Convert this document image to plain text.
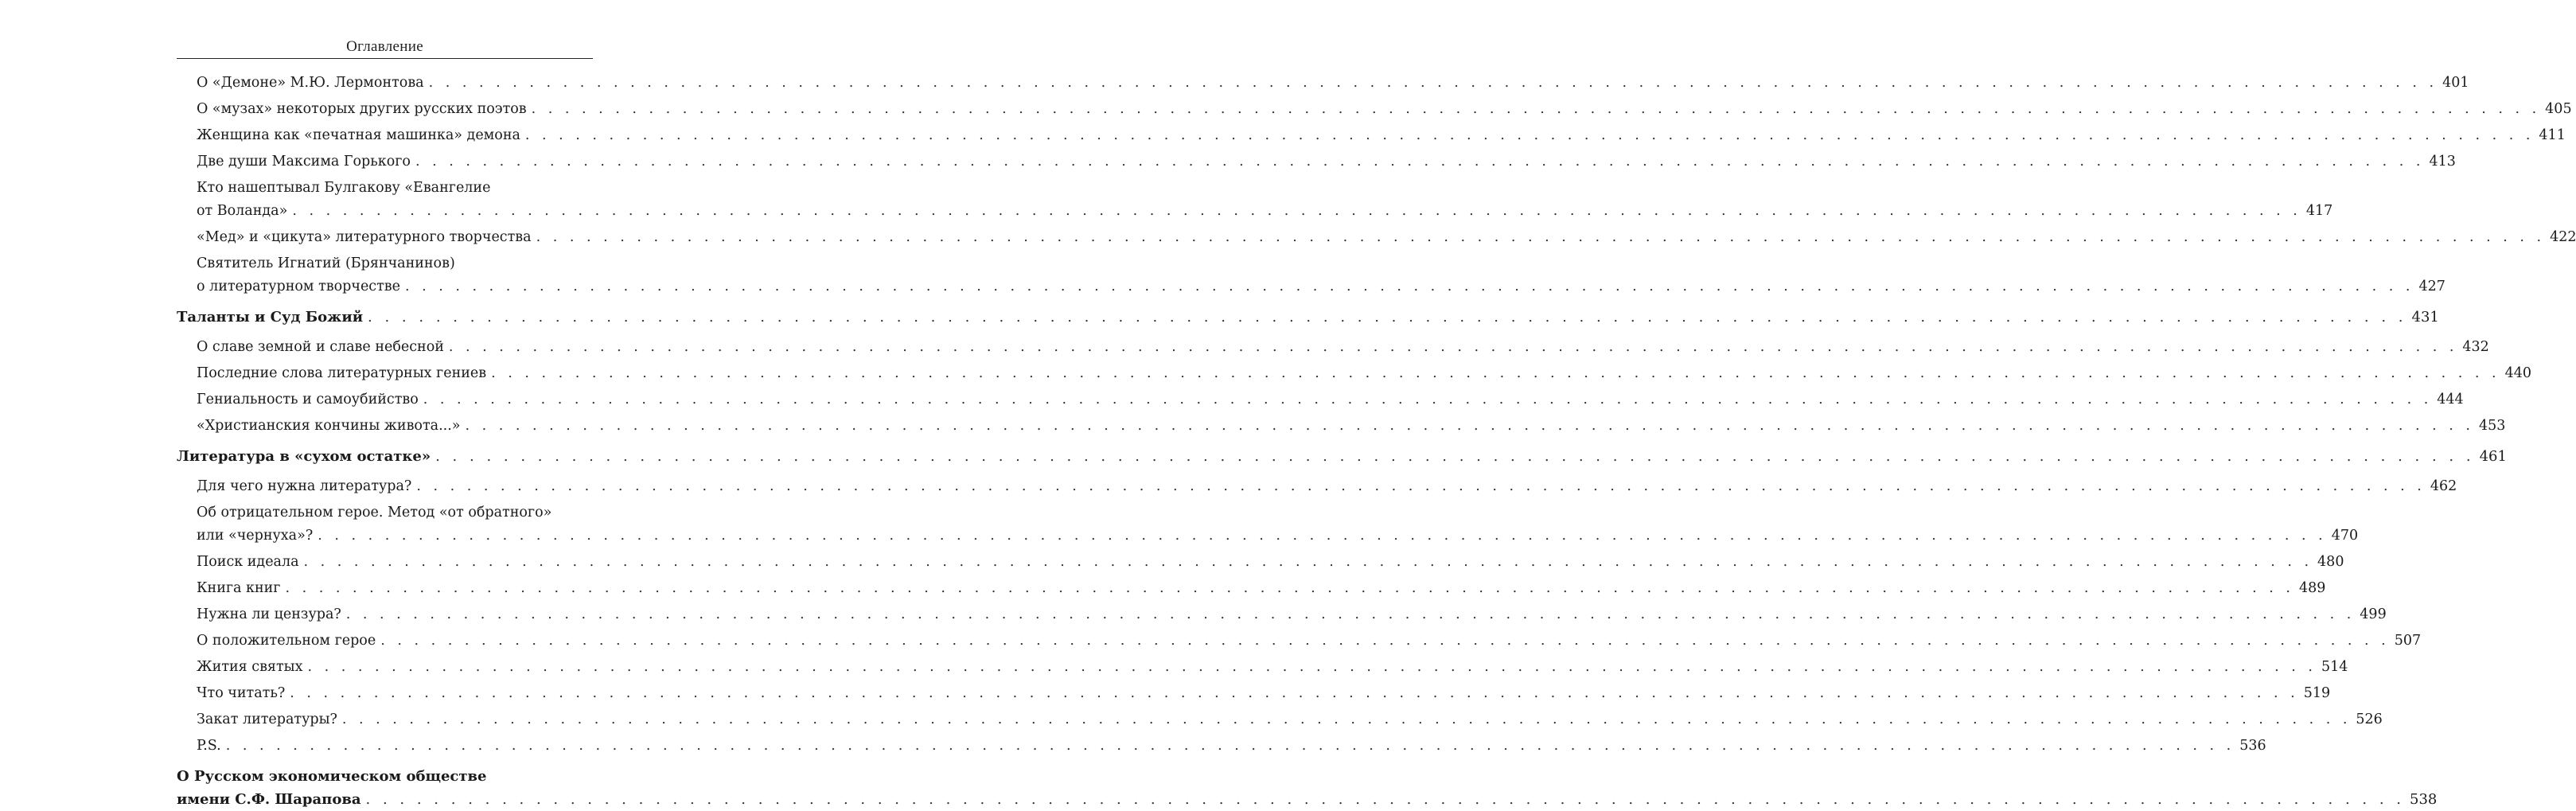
Оглавление
О «Демоне» М.Ю. Лермонтова . . . . . . . . . . . . . . . . . . . . . . . . . . . . . . . . . . . . . . . . . . . . . . . . . . . . . . . . . . . . . . . . . . . . . . . . . . . . . . . . . . . . . . . . . . . . . . . . . . . . . . . . . . . . . . . . . . . . . . . . 401
О «музах» некоторых других русских поэтов . . . . . . . . . . . . . . . . . . . . . . . . . . . . . . . . . . . . . . . . . . . . . . . . . . . . . . . . . . . . . . . . . . . . . . . . . . . . . . . . . . . . . . . . . . . . . . . . . . . . . . . . . . . . . . . . . . . . . . . . 405
Женщина как «печатная машинка» демона . . . . . . . . . . . . . . . . . . . . . . . . . . . . . . . . . . . . . . . . . . . . . . . . . . . . . . . . . . . . . . . . . . . . . . . . . . . . . . . . . . . . . . . . . . . . . . . . . . . . . . . . . . . . . . . . . . . . . . . . 411
Две души Максима Горького . . . . . . . . . . . . . . . . . . . . . . . . . . . . . . . . . . . . . . . . . . . . . . . . . . . . . . . . . . . . . . . . . . . . . . . . . . . . . . . . . . . . . . . . . . . . . . . . . . . . . . . . . . . . . . . . . . . . . . . . 413
Кто нашептывал Булгакову «Евангелие
от Воланда» . . . . . . . . . . . . . . . . . . . . . . . . . . . . . . . . . . . . . . . . . . . . . . . . . . . . . . . . . . . . . . . . . . . . . . . . . . . . . . . . . . . . . . . . . . . . . . . . . . . . . . . . . . . . . . . . . . . . . . . . 417
«Мед» и «цикута» литературного творчества . . . . . . . . . . . . . . . . . . . . . . . . . . . . . . . . . . . . . . . . . . . . . . . . . . . . . . . . . . . . . . . . . . . . . . . . . . . . . . . . . . . . . . . . . . . . . . . . . . . . . . . . . . . . . . . . . . . . . . . . 422
Святитель Игнатий (Брянчанинов)
о литературном творчестве . . . . . . . . . . . . . . . . . . . . . . . . . . . . . . . . . . . . . . . . . . . . . . . . . . . . . . . . . . . . . . . . . . . . . . . . . . . . . . . . . . . . . . . . . . . . . . . . . . . . . . . . . . . . . . . . . . . . . . . . 427
Таланты и Суд Божий . . . . . . . . . . . . . . . . . . . . . . . . . . . . . . . . . . . . . . . . . . . . . . . . . . . . . . . . . . . . . . . . . . . . . . . . . . . . . . . . . . . . . . . . . . . . . . . . . . . . . . . . . . . . . . . . . . . . . . . . 431
О славе земной и славе небесной . . . . . . . . . . . . . . . . . . . . . . . . . . . . . . . . . . . . . . . . . . . . . . . . . . . . . . . . . . . . . . . . . . . . . . . . . . . . . . . . . . . . . . . . . . . . . . . . . . . . . . . . . . . . . . . . . . . . . . . . 432
Последние слова литературных гениев . . . . . . . . . . . . . . . . . . . . . . . . . . . . . . . . . . . . . . . . . . . . . . . . . . . . . . . . . . . . . . . . . . . . . . . . . . . . . . . . . . . . . . . . . . . . . . . . . . . . . . . . . . . . . . . . . . . . . . . . 440
Гениальность и самоубийство . . . . . . . . . . . . . . . . . . . . . . . . . . . . . . . . . . . . . . . . . . . . . . . . . . . . . . . . . . . . . . . . . . . . . . . . . . . . . . . . . . . . . . . . . . . . . . . . . . . . . . . . . . . . . . . . . . . . . . . . 444
«Христианския кончины живота...» . . . . . . . . . . . . . . . . . . . . . . . . . . . . . . . . . . . . . . . . . . . . . . . . . . . . . . . . . . . . . . . . . . . . . . . . . . . . . . . . . . . . . . . . . . . . . . . . . . . . . . . . . . . . . . . . . . . . . . . . 453
Литература в «сухом остатке» . . . . . . . . . . . . . . . . . . . . . . . . . . . . . . . . . . . . . . . . . . . . . . . . . . . . . . . . . . . . . . . . . . . . . . . . . . . . . . . . . . . . . . . . . . . . . . . . . . . . . . . . . . . . . . . . . . . . . . . . 461
Для чего нужна литература? . . . . . . . . . . . . . . . . . . . . . . . . . . . . . . . . . . . . . . . . . . . . . . . . . . . . . . . . . . . . . . . . . . . . . . . . . . . . . . . . . . . . . . . . . . . . . . . . . . . . . . . . . . . . . . . . . . . . . . . . 462
Об отрицательном герое. Метод «от обратного»
или «чернуха»? . . . . . . . . . . . . . . . . . . . . . . . . . . . . . . . . . . . . . . . . . . . . . . . . . . . . . . . . . . . . . . . . . . . . . . . . . . . . . . . . . . . . . . . . . . . . . . . . . . . . . . . . . . . . . . . . . . . . . . . . 470
Поиск идеала . . . . . . . . . . . . . . . . . . . . . . . . . . . . . . . . . . . . . . . . . . . . . . . . . . . . . . . . . . . . . . . . . . . . . . . . . . . . . . . . . . . . . . . . . . . . . . . . . . . . . . . . . . . . . . . . . . . . . . . . 480
Книга книг . . . . . . . . . . . . . . . . . . . . . . . . . . . . . . . . . . . . . . . . . . . . . . . . . . . . . . . . . . . . . . . . . . . . . . . . . . . . . . . . . . . . . . . . . . . . . . . . . . . . . . . . . . . . . . . . . . . . . . . . 489
Нужна ли цензура? . . . . . . . . . . . . . . . . . . . . . . . . . . . . . . . . . . . . . . . . . . . . . . . . . . . . . . . . . . . . . . . . . . . . . . . . . . . . . . . . . . . . . . . . . . . . . . . . . . . . . . . . . . . . . . . . . . . . . . . . 499
О положительном герое . . . . . . . . . . . . . . . . . . . . . . . . . . . . . . . . . . . . . . . . . . . . . . . . . . . . . . . . . . . . . . . . . . . . . . . . . . . . . . . . . . . . . . . . . . . . . . . . . . . . . . . . . . . . . . . . . . . . . . . . 507
Жития святых . . . . . . . . . . . . . . . . . . . . . . . . . . . . . . . . . . . . . . . . . . . . . . . . . . . . . . . . . . . . . . . . . . . . . . . . . . . . . . . . . . . . . . . . . . . . . . . . . . . . . . . . . . . . . . . . . . . . . . . . 514
Что читать? . . . . . . . . . . . . . . . . . . . . . . . . . . . . . . . . . . . . . . . . . . . . . . . . . . . . . . . . . . . . . . . . . . . . . . . . . . . . . . . . . . . . . . . . . . . . . . . . . . . . . . . . . . . . . . . . . . . . . . . . 519
Закат литературы? . . . . . . . . . . . . . . . . . . . . . . . . . . . . . . . . . . . . . . . . . . . . . . . . . . . . . . . . . . . . . . . . . . . . . . . . . . . . . . . . . . . . . . . . . . . . . . . . . . . . . . . . . . . . . . . . . . . . . . . . 526
P.S. . . . . . . . . . . . . . . . . . . . . . . . . . . . . . . . . . . . . . . . . . . . . . . . . . . . . . . . . . . . . . . . . . . . . . . . . . . . . . . . . . . . . . . . . . . . . . . . . . . . . . . . . . . . . . . . . . . . . . . . . 536
О Русском экономическом обществе
имени С.Ф. Шарапова . . . . . . . . . . . . . . . . . . . . . . . . . . . . . . . . . . . . . . . . . . . . . . . . . . . . . . . . . . . . . . . . . . . . . . . . . . . . . . . . . . . . . . . . . . . . . . . . . . . . . . . . . . . . . . . . . . . . . . . . 538
